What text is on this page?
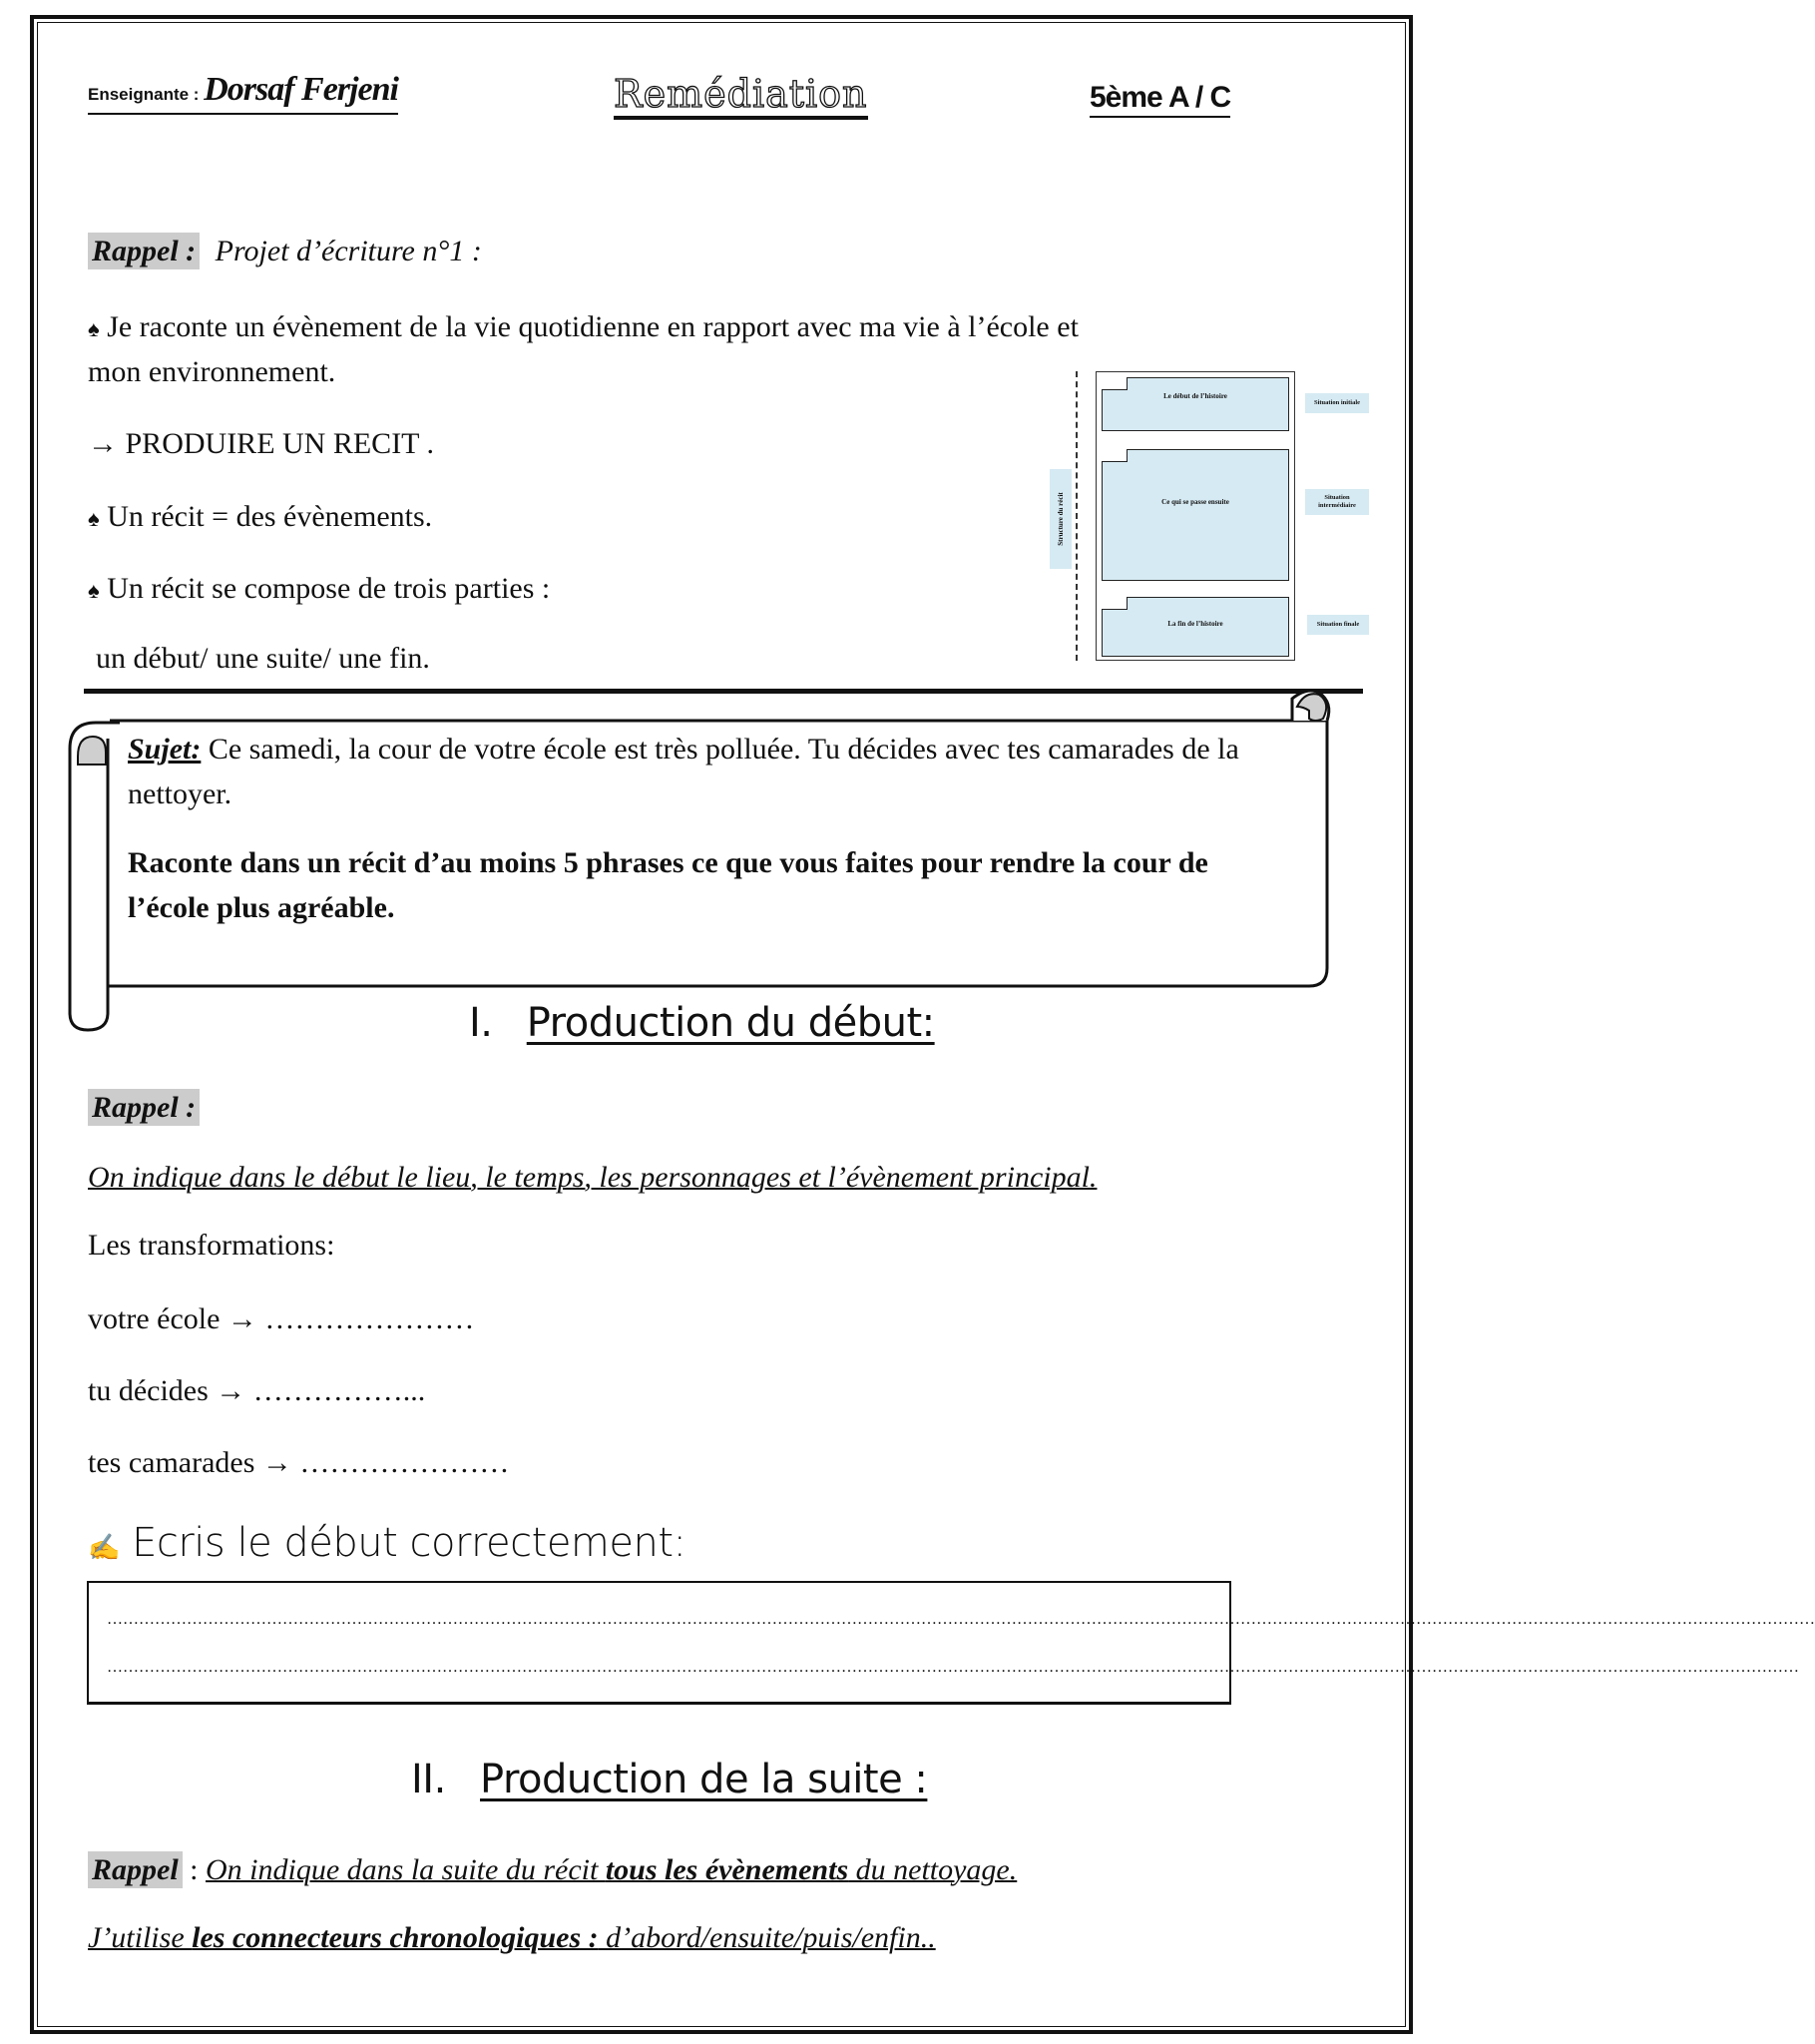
Enseignante : Dorsaf Ferjeni	Remédiation	5ème A / C
Rappel : Projet d’écriture n°1 :
♠ Je raconte un évènement de la vie quotidienne en rapport avec ma vie à l’école et
mon environnement.
→ PRODUIRE UN RECIT .
♠ Un récit = des évènements.
♠ Un récit se compose de trois parties :
un début/ une suite/ une fin.
Structure du récit
Le début de l’histoire
Ce qui se passe ensuite
La fin de l’histoire
Situation initiale
Situation intermédiaire
Situation finale

Sujet: Ce samedi, la cour de votre école est très polluée. Tu décides avec tes camarades de la nettoyer.

Raconte dans un récit d’au moins 5 phrases ce que vous faites pour rendre la cour de l’école plus agréable.

I. Production du début:
Rappel :
On indique dans le début le lieu, le temps, les personnages et l’évènement principal.
Les transformations:
votre école → …………………
tu décides → ……………...
tes camarades → …………………
✍ Ecris le début correctement:
……………………………………………………………………………………………………………………………………………………………………………………………………………………………………………………………………………………………
…………………………………………………………………………………………………………………………………………………………………………………………………………………………………………………………………………………………
II. Production de la suite :
Rappel : On indique dans la suite du récit tous les évènements du nettoyage.
J’utilise les connecteurs chronologiques : d’abord/ensuite/puis/enfin..
